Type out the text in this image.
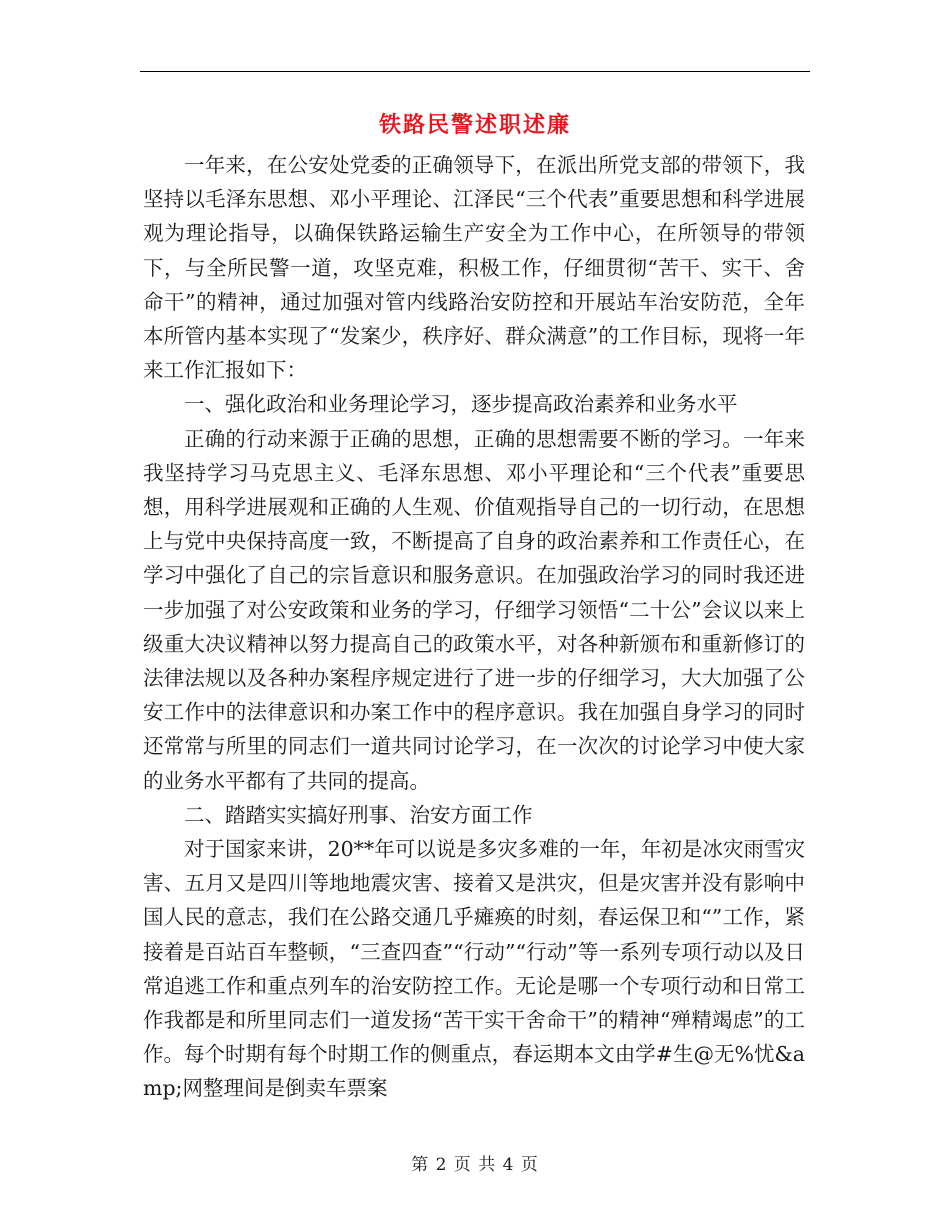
铁路民警述职述廉

一年来，在公安处党委的正确领导下，在派出所党支部的带领下，我坚持以毛泽东思想、邓小平理论、江泽民“三个代表”重要思想和科学进展观为理论指导，以确保铁路运输生产安全为工作中心，在所领导的带领下，与全所民警一道，攻坚克难，积极工作，仔细贯彻“苦干、实干、舍命干”的精神，通过加强对管内线路治安防控和开展站车治安防范，全年本所管内基本实现了“发案少，秩序好、群众满意”的工作目标，现将一年来工作汇报如下：

一、强化政治和业务理论学习，逐步提高政治素养和业务水平

正确的行动来源于正确的思想，正确的思想需要不断的学习。一年来我坚持学习马克思主义、毛泽东思想、邓小平理论和“三个代表”重要思想，用科学进展观和正确的人生观、价值观指导自己的一切行动，在思想上与党中央保持高度一致，不断提高了自身的政治素养和工作责任心，在学习中强化了自己的宗旨意识和服务意识。在加强政治学习的同时我还进一步加强了对公安政策和业务的学习，仔细学习领悟“二十公”会议以来上级重大决议精神以努力提高自己的政策水平，对各种新颁布和重新修订的法律法规以及各种办案程序规定进行了进一步的仔细学习，大大加强了公安工作中的法律意识和办案工作中的程序意识。我在加强自身学习的同时还常常与所里的同志们一道共同讨论学习，在一次次的讨论学习中使大家的业务水平都有了共同的提高。

二、踏踏实实搞好刑事、治安方面工作

对于国家来讲，20**年可以说是多灾多难的一年，年初是冰灾雨雪灾害、五月又是四川等地地震灾害、接着又是洪灾，但是灾害并没有影响中国人民的意志，我们在公路交通几乎瘫痪的时刻，春运保卫和“”工作，紧接着是百站百车整顿，“三查四查”“行动”“行动”等一系列专项行动以及日常追逃工作和重点列车的治安防控工作。无论是哪一个专项行动和日常工作我都是和所里同志们一道发扬“苦干实干舍命干”的精神“殚精竭虑”的工作。每个时期有每个时期工作的侧重点，春运期本文由学#生@无%忧&amp;网整理间是倒卖车票案

第 2 页 共 4 页
